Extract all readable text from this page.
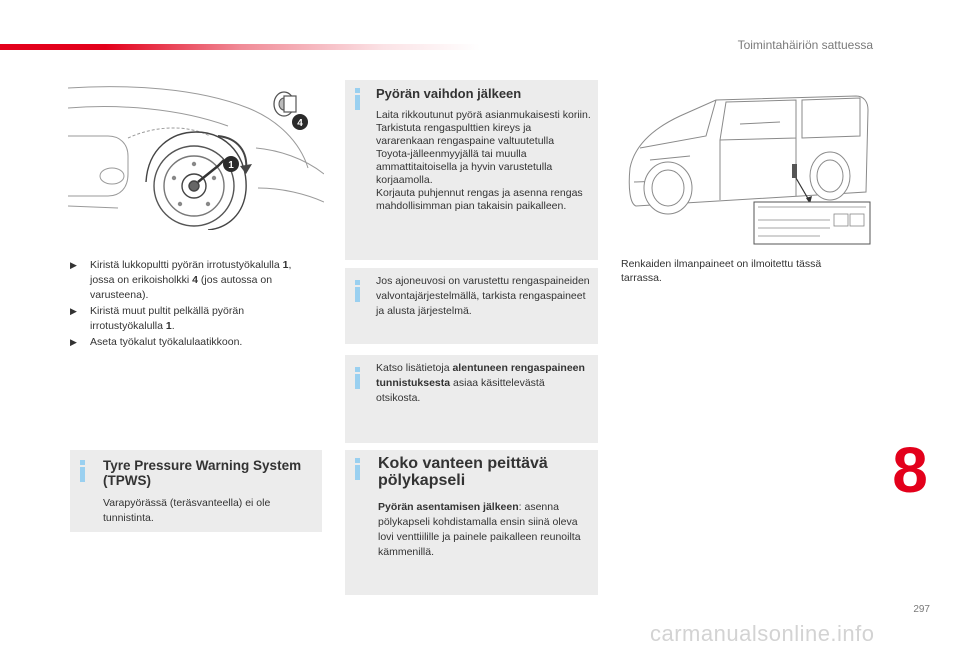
Toimintahäiriön sattuessa
1
4
▶ Kiristä lukkopultti pyörän irrotustyökalulla 1, jossa on erikoisholkki 4 (jos autossa on varusteena).
▶ Kiristä muut pultit pelkällä pyörän irrotustyökalulla 1.
▶ Aseta työkalut työkalulaatikkoon.
Tyre Pressure Warning System (TPWS)

Varapyörässä (teräsvanteella) ei ole tunnistinta.

Pyörän vaihdon jälkeen

Laita rikkoutunut pyörä asianmukaisesti koriin.

Tarkistuta rengaspulttien kireys ja vararenkaan rengaspaine valtuutetulla Toyota-jälleenmyyjällä tai muulla ammattitaitoisella ja hyvin varustetulla korjaamolla.

Korjauta puhjennut rengas ja asenna rengas mahdollisimman pian takaisin paikalleen.

Jos ajoneuvosi on varustettu rengaspaineiden valvontajärjestelmällä, tarkista rengaspaineet ja alusta järjestelmä.

Katso lisätietoja alentuneen rengaspaineen tunnistuksesta asiaa käsittelevästä otsikosta.

Koko vanteen peittävä pölykapseli

Pyörän asentamisen jälkeen: asenna pölykapseli kohdistamalla ensin siinä oleva lovi venttiilille ja painele paikalleen reunoilta kämmenillä.

Renkaiden ilmanpaineet on ilmoitettu tässä tarrassa.
8
297
carmanualsonline.info
